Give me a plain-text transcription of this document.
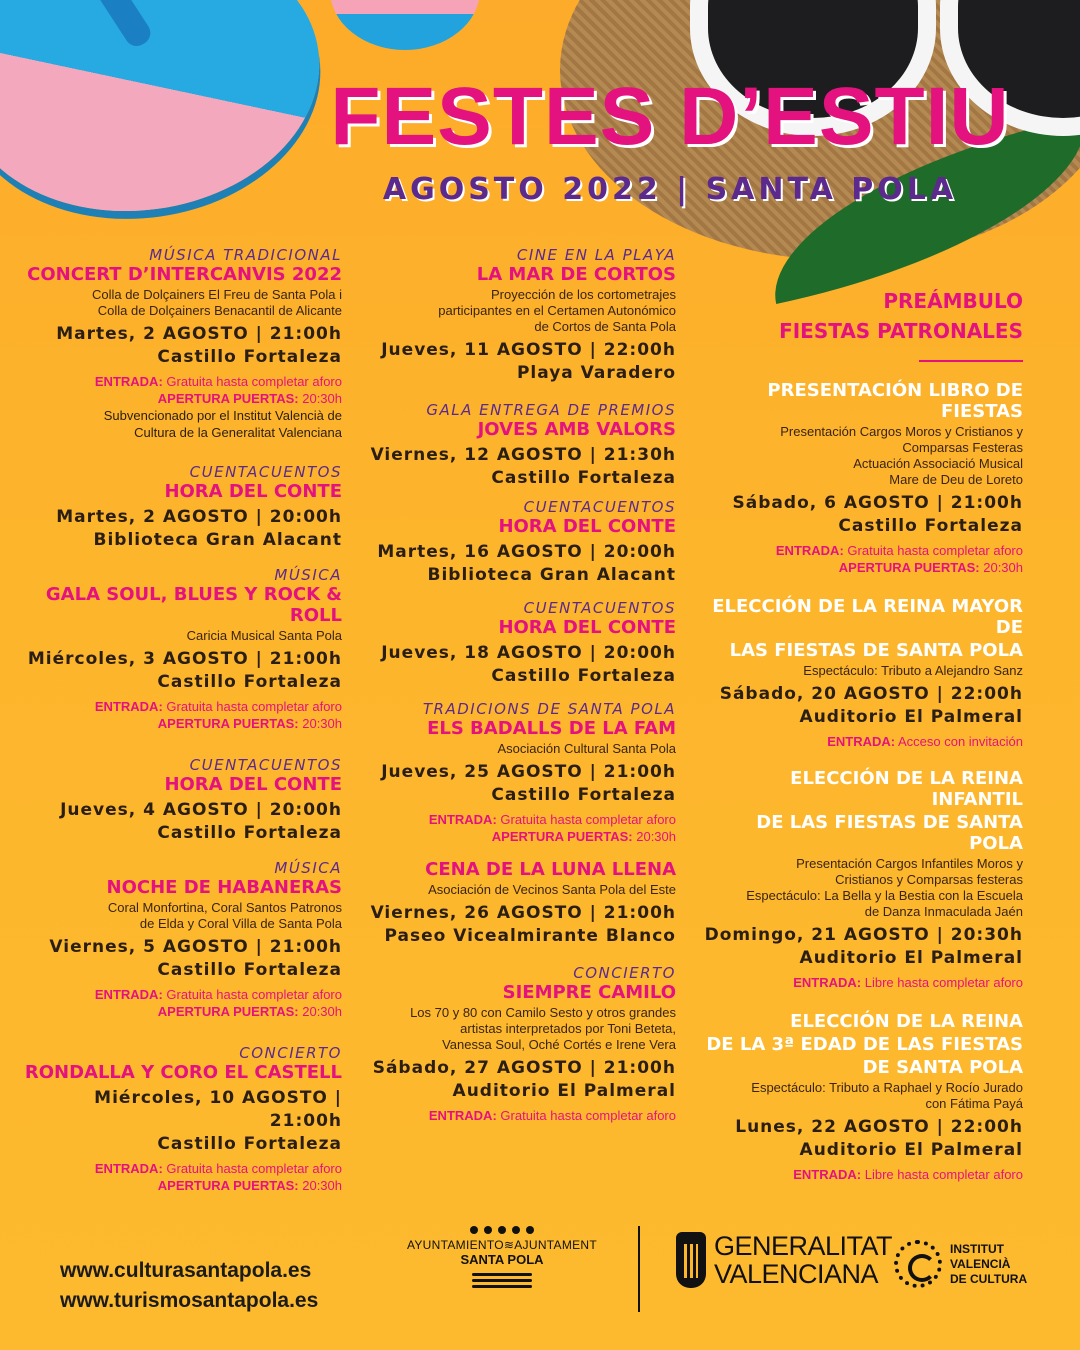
FESTES D’ESTIU
AGOSTO 2022 | SANTA POLA

MÚSICA TRADICIONAL

CONCERT D’INTERCANVIS 2022

Colla de Dolçainers El Freu de Santa Pola i

Colla de Dolçainers Benacantil de Alicante

Martes, 2 AGOSTO | 21:00h

Castillo Fortaleza

ENTRADA: Gratuita hasta completar aforo

APERTURA PUERTAS: 20:30h

Subvencionado por el Institut Valencià de

Cultura de la Generalitat Valenciana

CUENTACUENTOS

HORA DEL CONTE

Martes, 2 AGOSTO | 20:00h

Biblioteca Gran Alacant

MÚSICA

GALA SOUL, BLUES Y ROCK & ROLL

Caricia Musical Santa Pola

Miércoles, 3 AGOSTO | 21:00h

Castillo Fortaleza

ENTRADA: Gratuita hasta completar aforo

APERTURA PUERTAS: 20:30h

CUENTACUENTOS

HORA DEL CONTE

Jueves, 4 AGOSTO | 20:00h

Castillo Fortaleza

MÚSICA

NOCHE DE HABANERAS

Coral Monfortina, Coral Santos Patronos

de Elda y Coral Villa de Santa Pola

Viernes, 5 AGOSTO | 21:00h

Castillo Fortaleza

ENTRADA: Gratuita hasta completar aforo

APERTURA PUERTAS: 20:30h

CONCIERTO

RONDALLA Y CORO EL CASTELL

Miércoles, 10 AGOSTO | 21:00h

Castillo Fortaleza

ENTRADA: Gratuita hasta completar aforo

APERTURA PUERTAS: 20:30h

CINE EN LA PLAYA

LA MAR DE CORTOS

Proyección de los cortometrajes

participantes en el Certamen Autonómico

de Cortos de Santa Pola

Jueves, 11 AGOSTO | 22:00h

Playa Varadero

GALA ENTREGA DE PREMIOS

JOVES AMB VALORS

Viernes, 12 AGOSTO | 21:30h

Castillo Fortaleza

CUENTACUENTOS

HORA DEL CONTE

Martes, 16 AGOSTO | 20:00h

Biblioteca Gran Alacant

CUENTACUENTOS

HORA DEL CONTE

Jueves, 18 AGOSTO | 20:00h

Castillo Fortaleza

TRADICIONS DE SANTA POLA

ELS BADALLS DE LA FAM

Asociación Cultural Santa Pola

Jueves, 25 AGOSTO | 21:00h

Castillo Fortaleza

ENTRADA: Gratuita hasta completar aforo

APERTURA PUERTAS: 20:30h

CENA DE LA LUNA LLENA

Asociación de Vecinos Santa Pola del Este

Viernes, 26 AGOSTO | 21:00h

Paseo Vicealmirante Blanco

CONCIERTO

SIEMPRE CAMILO

Los 70 y 80 con Camilo Sesto y otros grandes

artistas interpretados por Toni Beteta,

Vanessa Soul, Oché Cortés e Irene Vera

Sábado, 27 AGOSTO | 21:00h

Auditorio El Palmeral

ENTRADA: Gratuita hasta completar aforo

PREÁMBULO

FIESTAS PATRONALES

PRESENTACIÓN LIBRO DE FIESTAS

Presentación Cargos Moros y Cristianos y

Comparsas Festeras

Actuación Associació Musical

Mare de Deu de Loreto

Sábado, 6 AGOSTO | 21:00h

Castillo Fortaleza

ENTRADA: Gratuita hasta completar aforo

APERTURA PUERTAS: 20:30h

ELECCIÓN DE LA REINA MAYOR DE

LAS FIESTAS DE SANTA POLA

Espectáculo: Tributo a Alejandro Sanz

Sábado, 20 AGOSTO | 22:00h

Auditorio El Palmeral

ENTRADA: Acceso con invitación

ELECCIÓN DE LA REINA INFANTIL

DE LAS FIESTAS DE SANTA POLA

Presentación Cargos Infantiles Moros y

Cristianos y Comparsas festeras

Espectáculo: La Bella y la Bestia con la Escuela

de Danza Inmaculada Jaén

Domingo, 21 AGOSTO | 20:30h

Auditorio El Palmeral

ENTRADA: Libre hasta completar aforo

ELECCIÓN DE LA REINA

DE LA 3ª EDAD DE LAS FIESTAS

DE SANTA POLA

Espectáculo: Tributo a Raphael y Rocío Jurado

con Fátima Payá

Lunes, 22 AGOSTO | 22:00h

Auditorio El Palmeral

ENTRADA: Libre hasta completar aforo

www.culturasantapola.es
www.turismosantapola.es
AYUNTAMIENTO≋AJUNTAMENT
SANTA POLA	GENERALITAT
VALENCIANA
INSTITUT
VALENCIÀ
DE CULTURA
